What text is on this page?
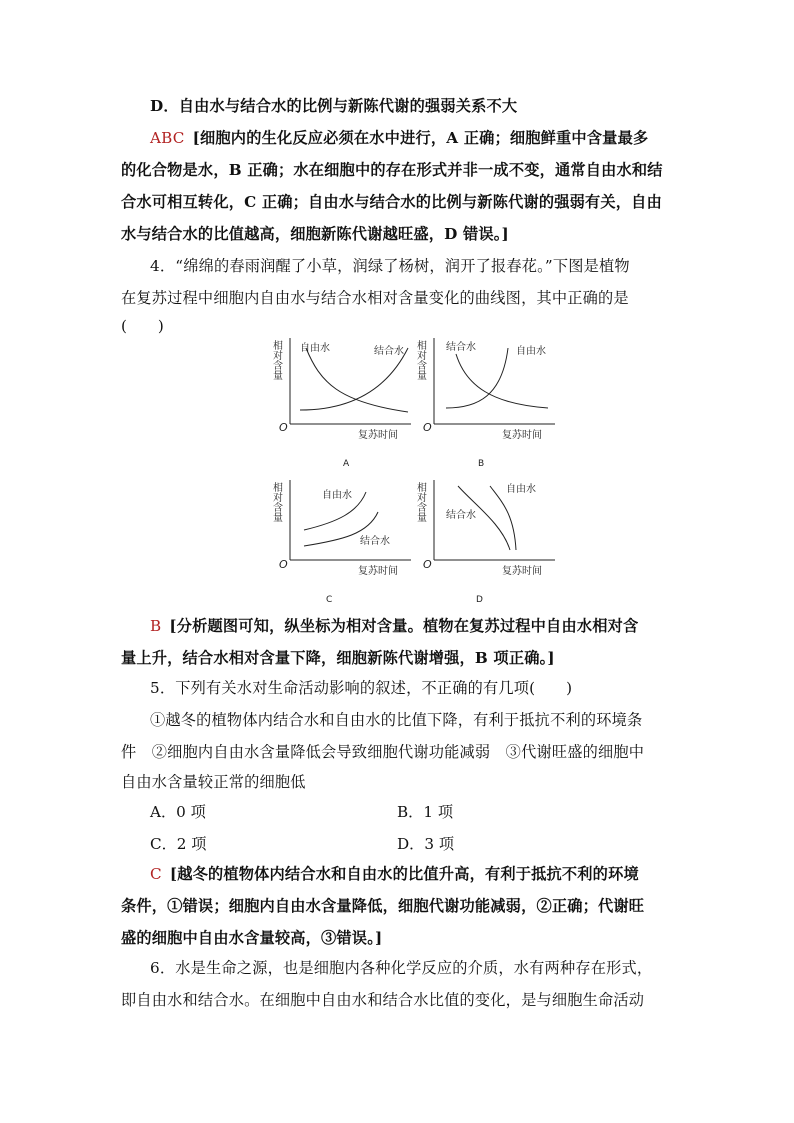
D．自由水与结合水的比例与新陈代谢的强弱关系不大
ABC [细胞内的生化反应必须在水中进行，A 正确；细胞鲜重中含量最多
的化合物是水，B 正确；水在细胞中的存在形式并非一成不变，通常自由水和结
合水可相互转化，C 正确；自由水与结合水的比例与新陈代谢的强弱有关，自由
水与结合水的比值越高，细胞新陈代谢越旺盛，D 错误。]
4．“绵绵的春雨润醒了小草，润绿了杨树，润开了报春花。”下图是植物
在复苏过程中细胞内自由水与结合水相对含量变化的曲线图，其中正确的是
(　　)
相对含量
O
自由水	结合水
复苏时间
A
相对含量
O
结合水	自由水
复苏时间
B
相对含量
O
自由水
结合水
复苏时间
C
相对含量
O
自由水
结合水
复苏时间
D
B [分析题图可知，纵坐标为相对含量。植物在复苏过程中自由水相对含
量上升，结合水相对含量下降，细胞新陈代谢增强，B 项正确。]
5．下列有关水对生命活动影响的叙述，不正确的有几项(　　)
①越冬的植物体内结合水和自由水的比值下降，有利于抵抗不利的环境条
件　②细胞内自由水含量降低会导致细胞代谢功能减弱　③代谢旺盛的细胞中
自由水含量较正常的细胞低
A．0 项	B．1 项
C．2 项	D．3 项
C [越冬的植物体内结合水和自由水的比值升高，有利于抵抗不利的环境
条件，①错误；细胞内自由水含量降低，细胞代谢功能减弱，②正确；代谢旺
盛的细胞中自由水含量较高，③错误。]
6．水是生命之源，也是细胞内各种化学反应的介质，水有两种存在形式，
即自由水和结合水。在细胞中自由水和结合水比值的变化，是与细胞生命活动
